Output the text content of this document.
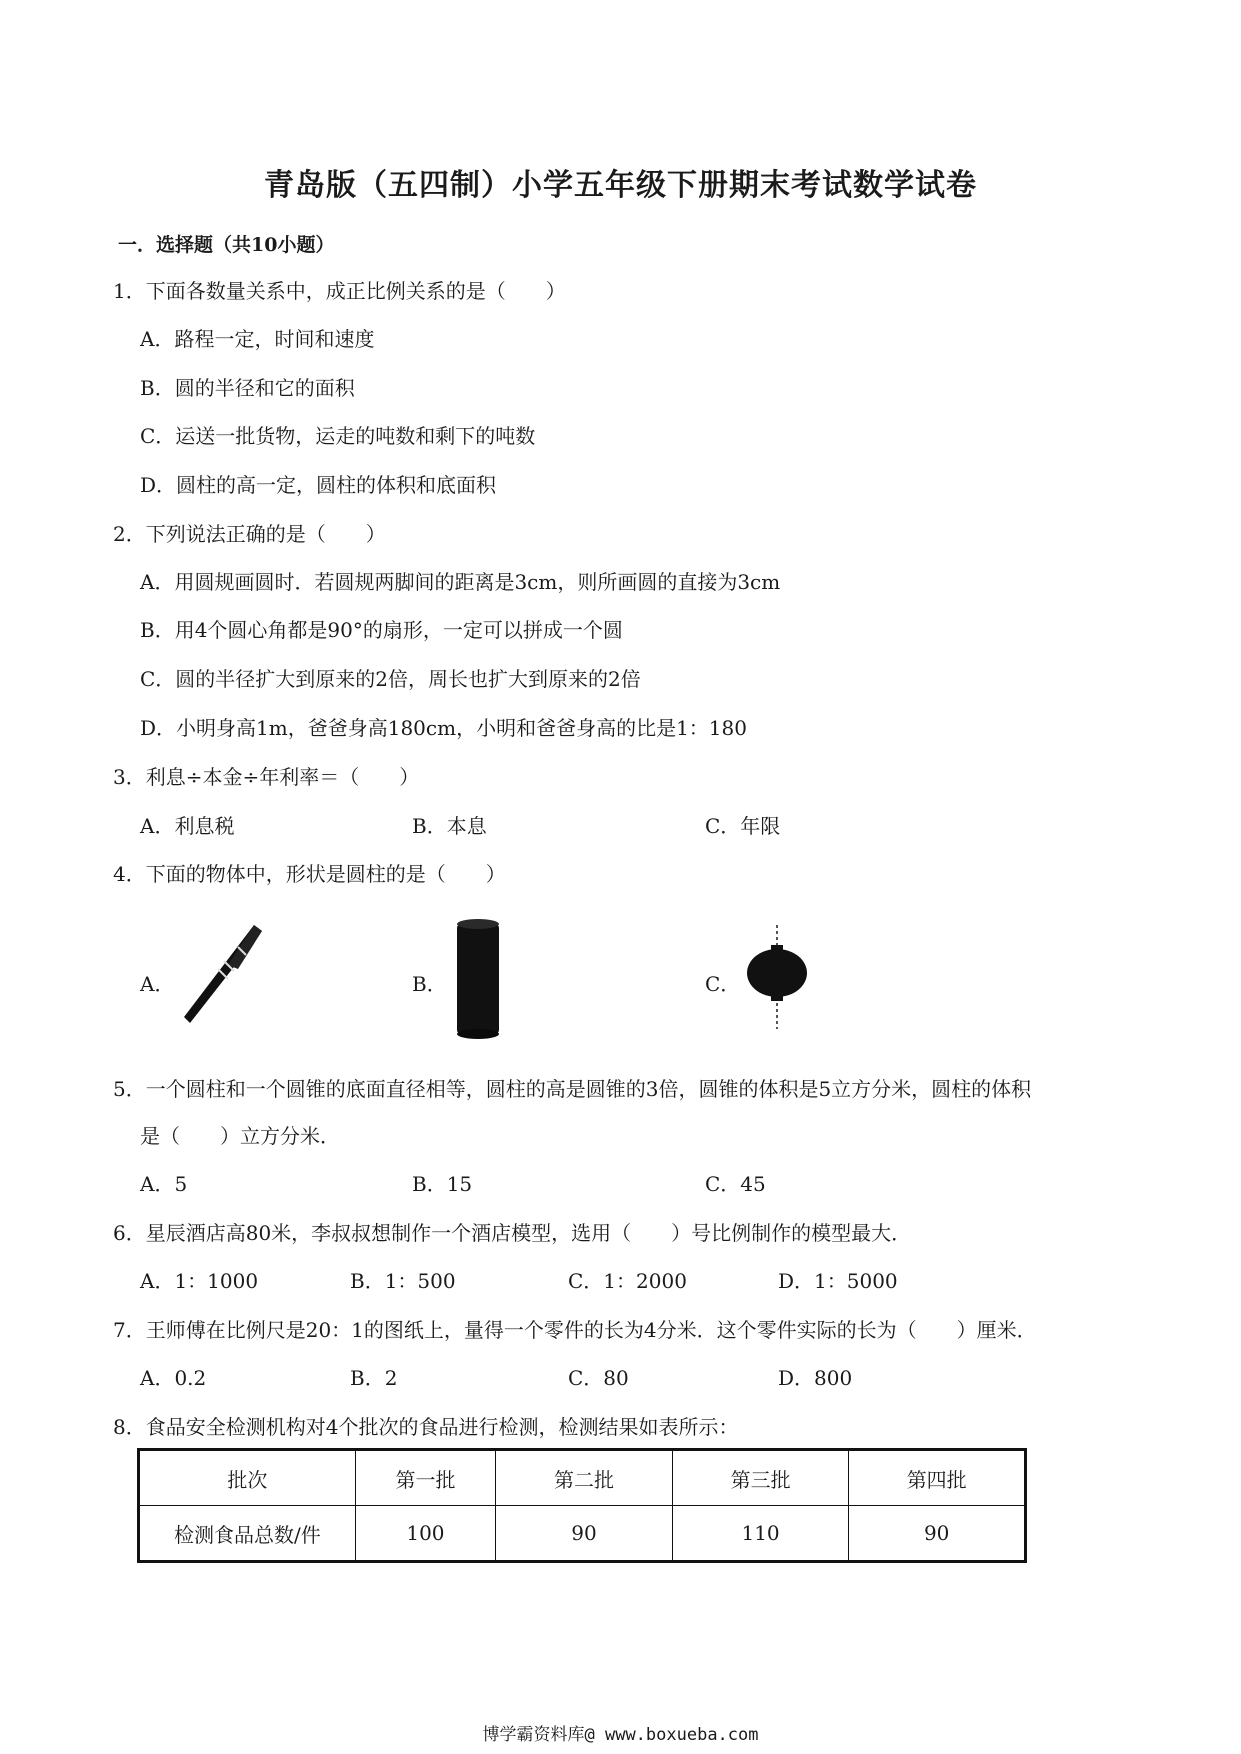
青岛版（五四制）小学五年级下册期末考试数学试卷
一．选择题（共10小题）
1．下面各数量关系中，成正比例关系的是（　　）
A．路程一定，时间和速度
B．圆的半径和它的面积
C．运送一批货物，运走的吨数和剩下的吨数
D．圆柱的高一定，圆柱的体积和底面积
2．下列说法正确的是（　　）
A．用圆规画圆时．若圆规两脚间的距离是3cm，则所画圆的直接为3cm
B．用4个圆心角都是90°的扇形，一定可以拼成一个圆
C．圆的半径扩大到原来的2倍，周长也扩大到原来的2倍
D．小明身高1m，爸爸身高180cm，小明和爸爸身高的比是1：180
3．利息÷本金÷年利率＝（　　）
A．利息税	B．本息	C．年限
4．下面的物体中，形状是圆柱的是（　　）
A．	B．	C．
5．一个圆柱和一个圆锥的底面直径相等，圆柱的高是圆锥的3倍，圆锥的体积是5立方分米，圆柱的体积
是（　　）立方分米．
A．5	B．15	C．45
6．星辰酒店高80米，李叔叔想制作一个酒店模型，选用（　　）号比例制作的模型最大．
A．1：1000	B．1：500	C．1：2000	D．1：5000
7．王师傅在比例尺是20：1的图纸上，量得一个零件的长为4分米．这个零件实际的长为（　　）厘米．
A．0.2	B．2	C．80	D．800
8．食品安全检测机构对4个批次的食品进行检测，检测结果如表所示：
批次	第一批	第二批	第三批	第四批
检测食品总数/件	100	90	110	90
博学霸资料库@ www.boxueba.com
